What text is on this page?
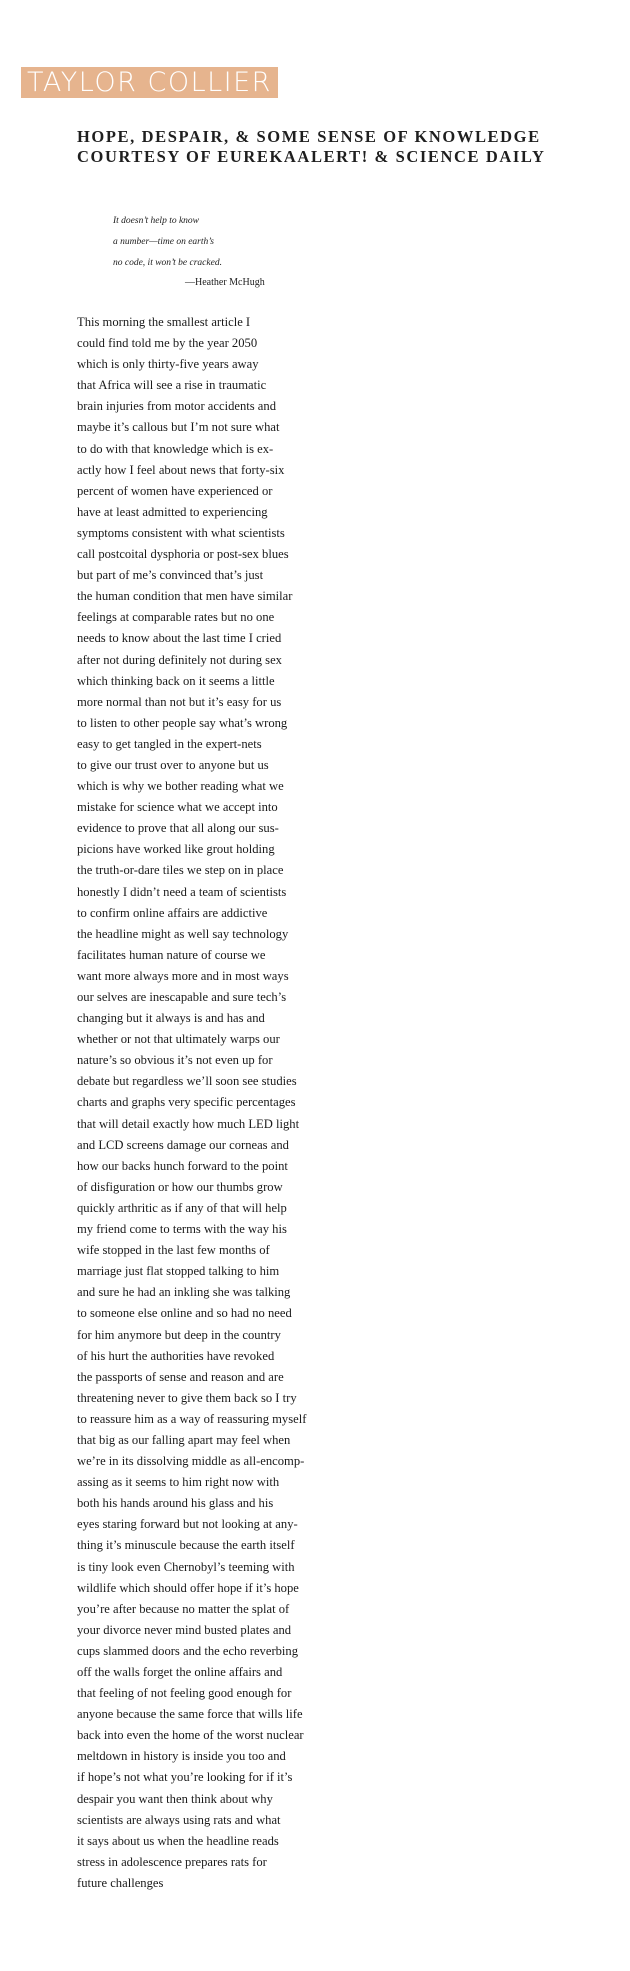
TAYLOR COLLIER
HOPE, DESPAIR, & SOME SENSE OF KNOWLEDGE
COURTESY OF EUREKAALERT! & SCIENCE DAILY
It doesn’t help to know
a number—time on earth’s
no code, it won’t be cracked.
—Heather McHugh
This morning the smallest article I
could find told me by the year 2050
which is only thirty-five years away
that Africa will see a rise in traumatic
brain injuries from motor accidents and
maybe it’s callous but I’m not sure what
to do with that knowledge which is ex-
actly how I feel about news that forty-six
percent of women have experienced or
have at least admitted to experiencing
symptoms consistent with what scientists
call postcoital dysphoria or post-sex blues
but part of me’s convinced that’s just
the human condition that men have similar
feelings at comparable rates but no one
needs to know about the last time I cried
after not during definitely not during sex
which thinking back on it seems a little
more normal than not but it’s easy for us
to listen to other people say what’s wrong
easy to get tangled in the expert-nets
to give our trust over to anyone but us
which is why we bother reading what we
mistake for science what we accept into
evidence to prove that all along our sus-
picions have worked like grout holding
the truth-or-dare tiles we step on in place
honestly I didn’t need a team of scientists
to confirm online affairs are addictive
the headline might as well say technology
facilitates human nature of course we
want more always more and in most ways
our selves are inescapable and sure tech’s
changing but it always is and has and
whether or not that ultimately warps our
nature’s so obvious it’s not even up for
debate but regardless we’ll soon see studies
charts and graphs very specific percentages
that will detail exactly how much LED light
and LCD screens damage our corneas and
how our backs hunch forward to the point
of disfiguration or how our thumbs grow
quickly arthritic as if any of that will help
my friend come to terms with the way his
wife stopped in the last few months of
marriage just flat stopped talking to him
and sure he had an inkling she was talking
to someone else online and so had no need
for him anymore but deep in the country
of his hurt the authorities have revoked
the passports of sense and reason and are
threatening never to give them back so I try
to reassure him as a way of reassuring myself
that big as our falling apart may feel when
we’re in its dissolving middle as all-encomp-
assing as it seems to him right now with
both his hands around his glass and his
eyes staring forward but not looking at any-
thing it’s minuscule because the earth itself
is tiny look even Chernobyl’s teeming with
wildlife which should offer hope if it’s hope
you’re after because no matter the splat of
your divorce never mind busted plates and
cups slammed doors and the echo reverbing
off the walls forget the online affairs and
that feeling of not feeling good enough for
anyone because the same force that wills life
back into even the home of the worst nuclear
meltdown in history is inside you too and
if hope’s not what you’re looking for if it’s
despair you want then think about why
scientists are always using rats and what
it says about us when the headline reads
stress in adolescence prepares rats for
future challenges
